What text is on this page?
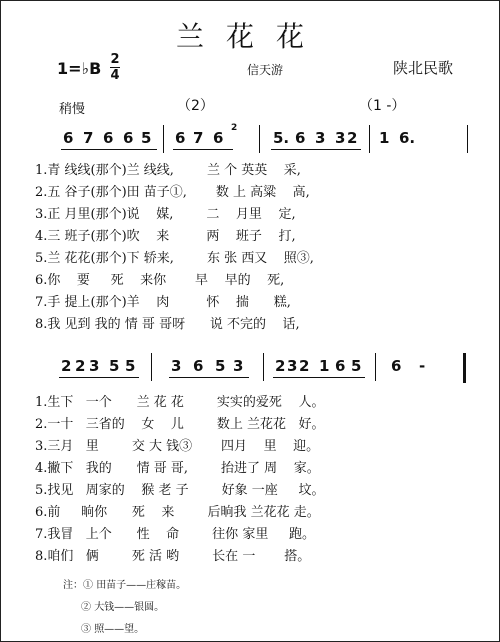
兰花花
1=♭B 2
4	信天游	陕北民歌
稍慢	（2）	（1 -）
6 7 6 6 5 6 7 6
2
5. 6 3 3 2 1 6.
1.青 线线(那个)兰 线线,        兰 个 英英    采,
2.五 谷子(那个)田 苗子①,       数 上 高粱    高,
3.正 月里(那个)说    媒,        二    月里    定,
4.三 班子(那个)吹    来         两    班子    打,
5.兰 花花(那个)下 轿来,        东 张 西又    照③,
6.你    要     死    来你       早    早的    死,
7.手 提上(那个)羊    肉         怀    揣      糕,
8.我 见到 我的 情 哥 哥呀      说 不完的    话,
2 2 3 5 5 3 6 5 3 2 3 2 1 6 5 6 -
1.生下   一个      兰 花 花        实实的爱死    人。
2.一十   三省的    女    儿        数上 兰花花   好。
3.三月   里        交 大 钱③       四月    里    迎。
4.撇下   我的      情 哥 哥,        抬进了 周    家。
5.找见   周家的    猴 老 子        好象 一座     坟。
6.前     晌你      死    来        后晌我 兰花花 走。
7.我冒   上个      性    命        往你 家里     跑。
8.咱们   俩        死 活 哟        长在 一       搭。
注：① 田苗子——庄稼苗。
② 大钱——银圆。
③ 照——望。
